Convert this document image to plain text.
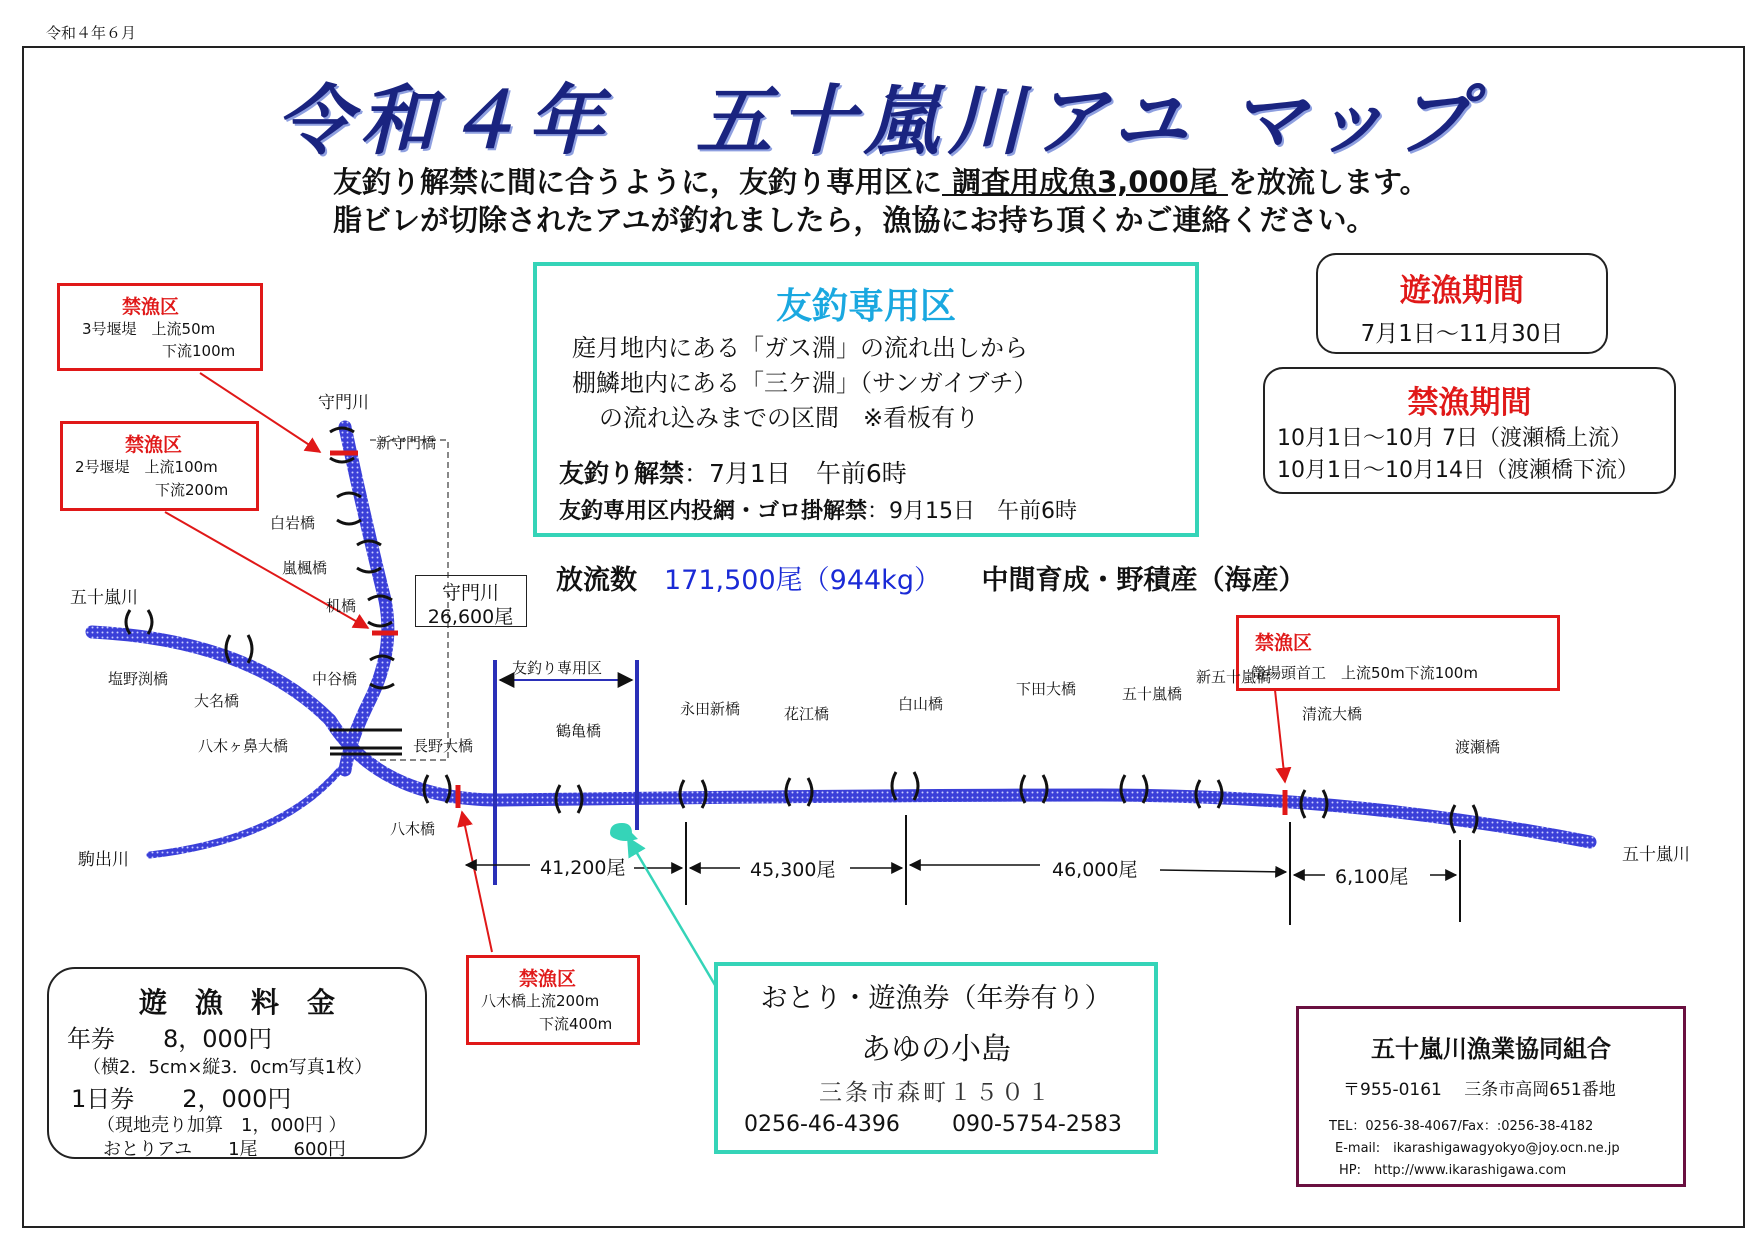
令和４年６月
令和４年　五十嵐川アユ マップ
友釣り解禁に間に合うように，友釣り専用区に 調査用成魚3,000尾 を放流します。
脂ビレが切除されたアユが釣れましたら，漁協にお持ち頂くかご連絡ください。
禁漁区
3号堰堤　上流50m
下流100m
禁漁区
2号堰堤　上流100m
下流200m
禁漁区
八木橋上流200m
下流400m
禁漁区
篭場頭首工　上流50m下流100m
友釣専用区
庭月地内にある「ガス淵」の流れ出しから
棚鱗地内にある「三ケ淵」（サンガイブチ）
の流れ込みまでの区間　※看板有り
友釣り解禁：7月1日　午前6時
友釣専用区内投網・ゴロ掛解禁：9月15日　午前6時
放流数　 171,500尾（944kg）　　 中間育成・野積産（海産）
遊漁期間
7月1日～11月30日
禁漁期間
10月1日～10月 7日（渡瀬橋上流）
10月1日～10月14日（渡瀬橋下流）
守門川
五十嵐川
五十嵐川
駒出川
守門川
26,600尾
新守門橋
白岩橋
嵐楓橋
机橋
中谷橋
八木ヶ鼻大橋	長野大橋
八木橋
大名橋
塩野渕橋
鶴亀橋
永田新橋	花江橋
白山橋
下田大橋	五十嵐橋
新五十嵐橋
清流大橋
渡瀬橋
友釣り専用区
41,200尾	45,300尾	46,000尾	6,100尾
遊　漁　料　金
年券　　8，000円
（横2．5cm×縦3．0cm写真1枚）
1日券　　2，000円
（現地売り加算　1，000円 ）
おとりアユ　　1尾　　600円
おとり・遊漁券（年券有り）
あゆの小島
三条市森町１５０１
0256-46-4396 090-5754-2583
五十嵐川漁業協同組合
〒955-0161　 三条市高岡651番地
TEL：0256-38-4067/Fax：:0256-38-4182
E-mail:　ikarashigawagyokyo@joy.ocn.ne.jp
HP:　http://www.ikarashigawa.com
